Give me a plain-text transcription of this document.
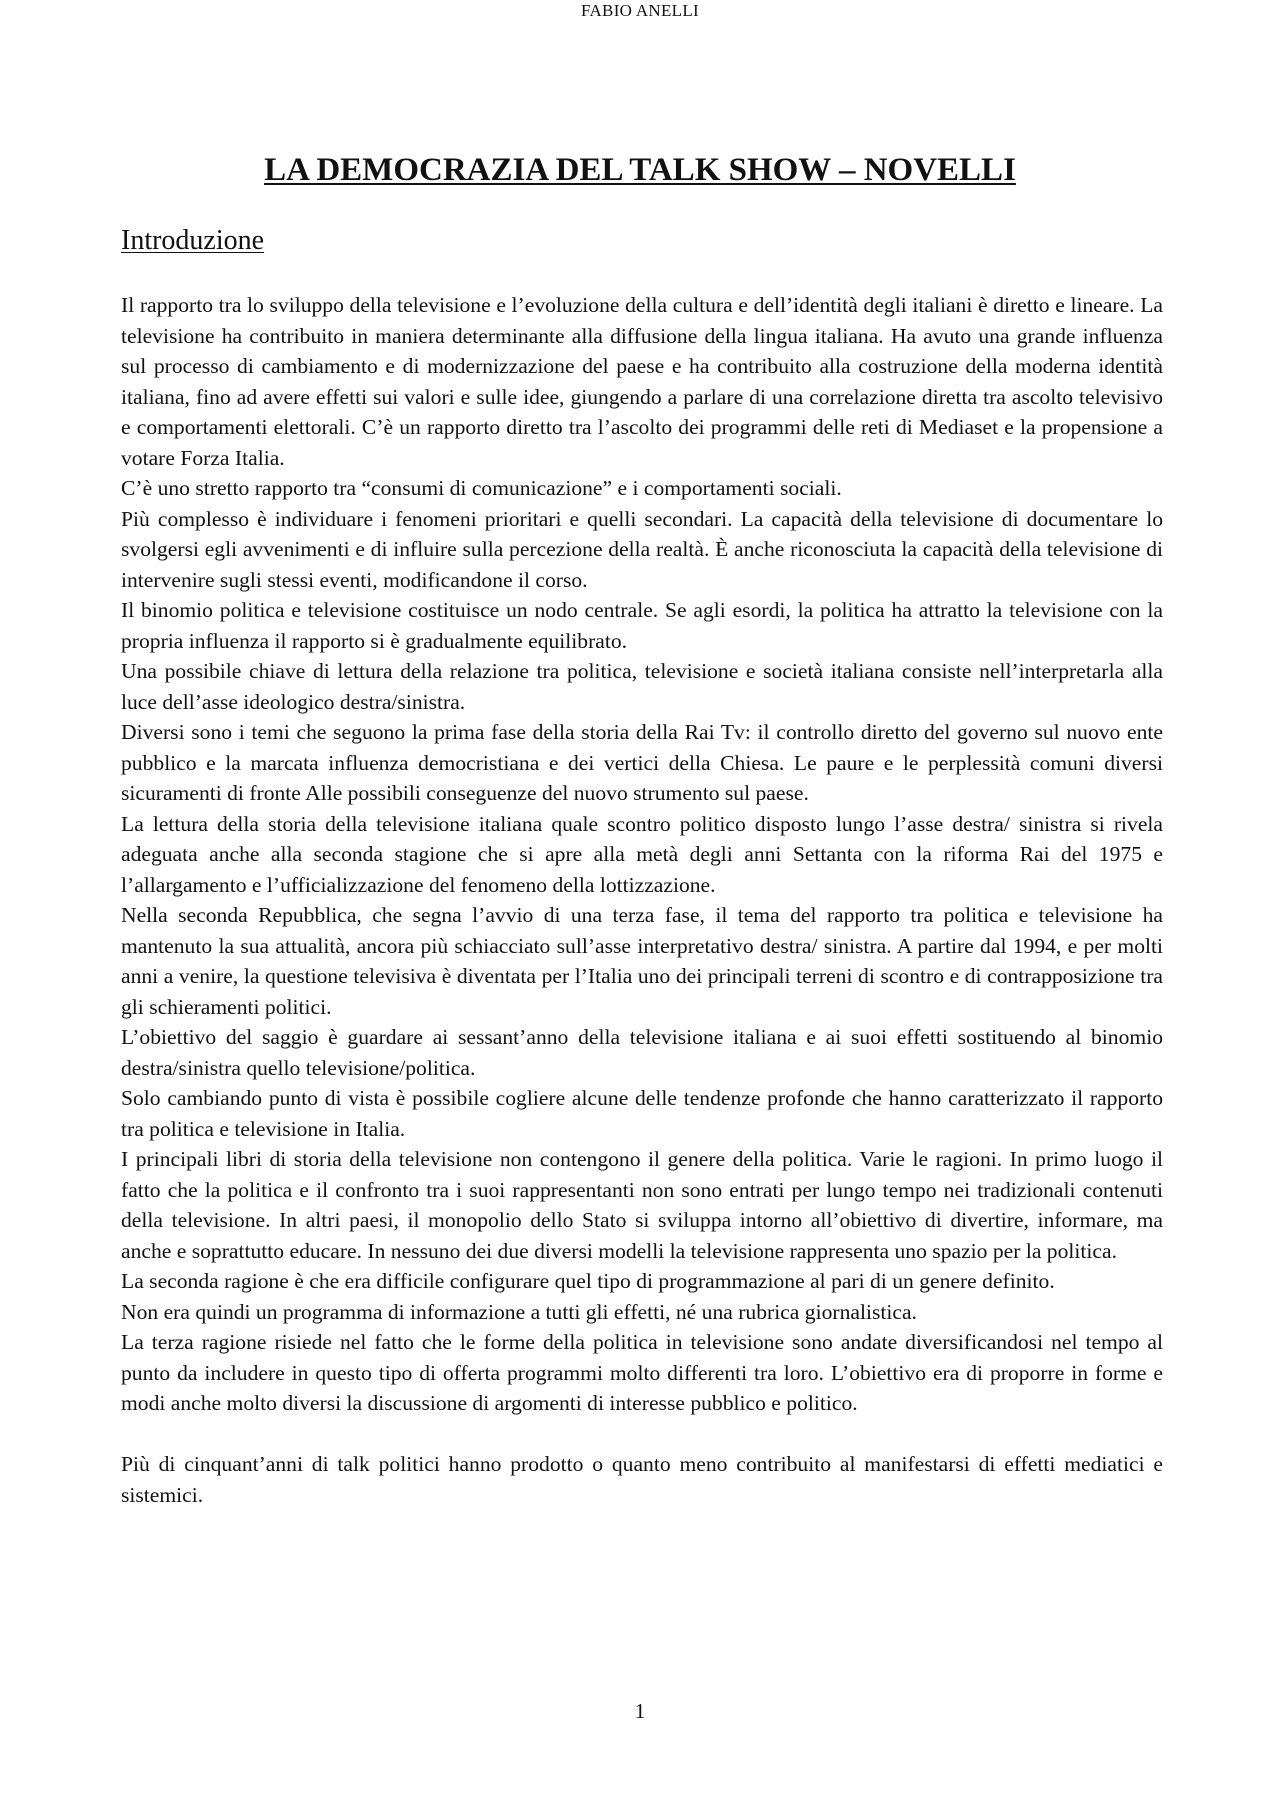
FABIO ANELLI
LA DEMOCRAZIA DEL TALK SHOW – NOVELLI
Introduzione

Il rapporto tra lo sviluppo della televisione e l’evoluzione della cultura e dell’identità degli italiani è diretto e lineare. La televisione ha contribuito in maniera determinante alla diffusione della lingua italiana. Ha avuto una grande influenza sul processo di cambiamento e di modernizzazione del paese e ha contribuito alla costruzione della moderna identità italiana, fino ad avere effetti sui valori e sulle idee, giungendo a parlare di una correlazione diretta tra ascolto televisivo e comportamenti elettorali. C’è un rapporto diretto tra l’ascolto dei programmi delle reti di Mediaset e la propensione a votare Forza Italia.

C’è uno stretto rapporto tra “consumi di comunicazione” e i comportamenti sociali.

Più complesso è individuare i fenomeni prioritari e quelli secondari. La capacità della televisione di documentare lo svolgersi egli avvenimenti e di influire sulla percezione della realtà. È anche riconosciuta la capacità della televisione di intervenire sugli stessi eventi, modificandone il corso.

Il binomio politica e televisione costituisce un nodo centrale. Se agli esordi, la politica ha attratto la televisione con la propria influenza il rapporto si è gradualmente equilibrato.

Una possibile chiave di lettura della relazione tra politica, televisione e società italiana consiste nell’interpretarla alla luce dell’asse ideologico destra/sinistra.

Diversi sono i temi che seguono la prima fase della storia della Rai Tv: il controllo diretto del governo sul nuovo ente pubblico e la marcata influenza democristiana e dei vertici della Chiesa. Le paure e le perplessità comuni diversi sicuramenti di fronte Alle possibili conseguenze del nuovo strumento sul paese.

La lettura della storia della televisione italiana quale scontro politico disposto lungo l’asse destra/ sinistra si rivela adeguata anche alla seconda stagione che si apre alla metà degli anni Settanta con la riforma Rai del 1975 e l’allargamento e l’ufficializzazione del fenomeno della lottizzazione.

Nella seconda Repubblica, che segna l’avvio di una terza fase, il tema del rapporto tra politica e televisione ha mantenuto la sua attualità, ancora più schiacciato sull’asse interpretativo destra/ sinistra. A partire dal 1994, e per molti anni a venire, la questione televisiva è diventata per l’Italia uno dei principali terreni di scontro e di contrapposizione tra gli schieramenti politici.

L’obiettivo del saggio è guardare ai sessant’anno della televisione italiana e ai suoi effetti sostituendo al binomio destra/sinistra quello televisione/politica.

Solo cambiando punto di vista è possibile cogliere alcune delle tendenze profonde che hanno caratterizzato il rapporto tra politica e televisione in Italia.

I principali libri di storia della televisione non contengono il genere della politica. Varie le ragioni. In primo luogo il fatto che la politica e il confronto tra i suoi rappresentanti non sono entrati per lungo tempo nei tradizionali contenuti della televisione. In altri paesi, il monopolio dello Stato si sviluppa intorno all’obiettivo di divertire, informare, ma anche e soprattutto educare. In nessuno dei due diversi modelli la televisione rappresenta uno spazio per la politica.

La seconda ragione è che era difficile configurare quel tipo di programmazione al pari di un genere definito.

Non era quindi un programma di informazione a tutti gli effetti, né una rubrica giornalistica.

La terza ragione risiede nel fatto che le forme della politica in televisione sono andate diversificandosi nel tempo al punto da includere in questo tipo di offerta programmi molto differenti tra loro. L’obiettivo era di proporre in forme e modi anche molto diversi la discussione di argomenti di interesse pubblico e politico.

Più di cinquant’anni di talk politici hanno prodotto o quanto meno contribuito al manifestarsi di effetti mediatici e sistemici.

1
